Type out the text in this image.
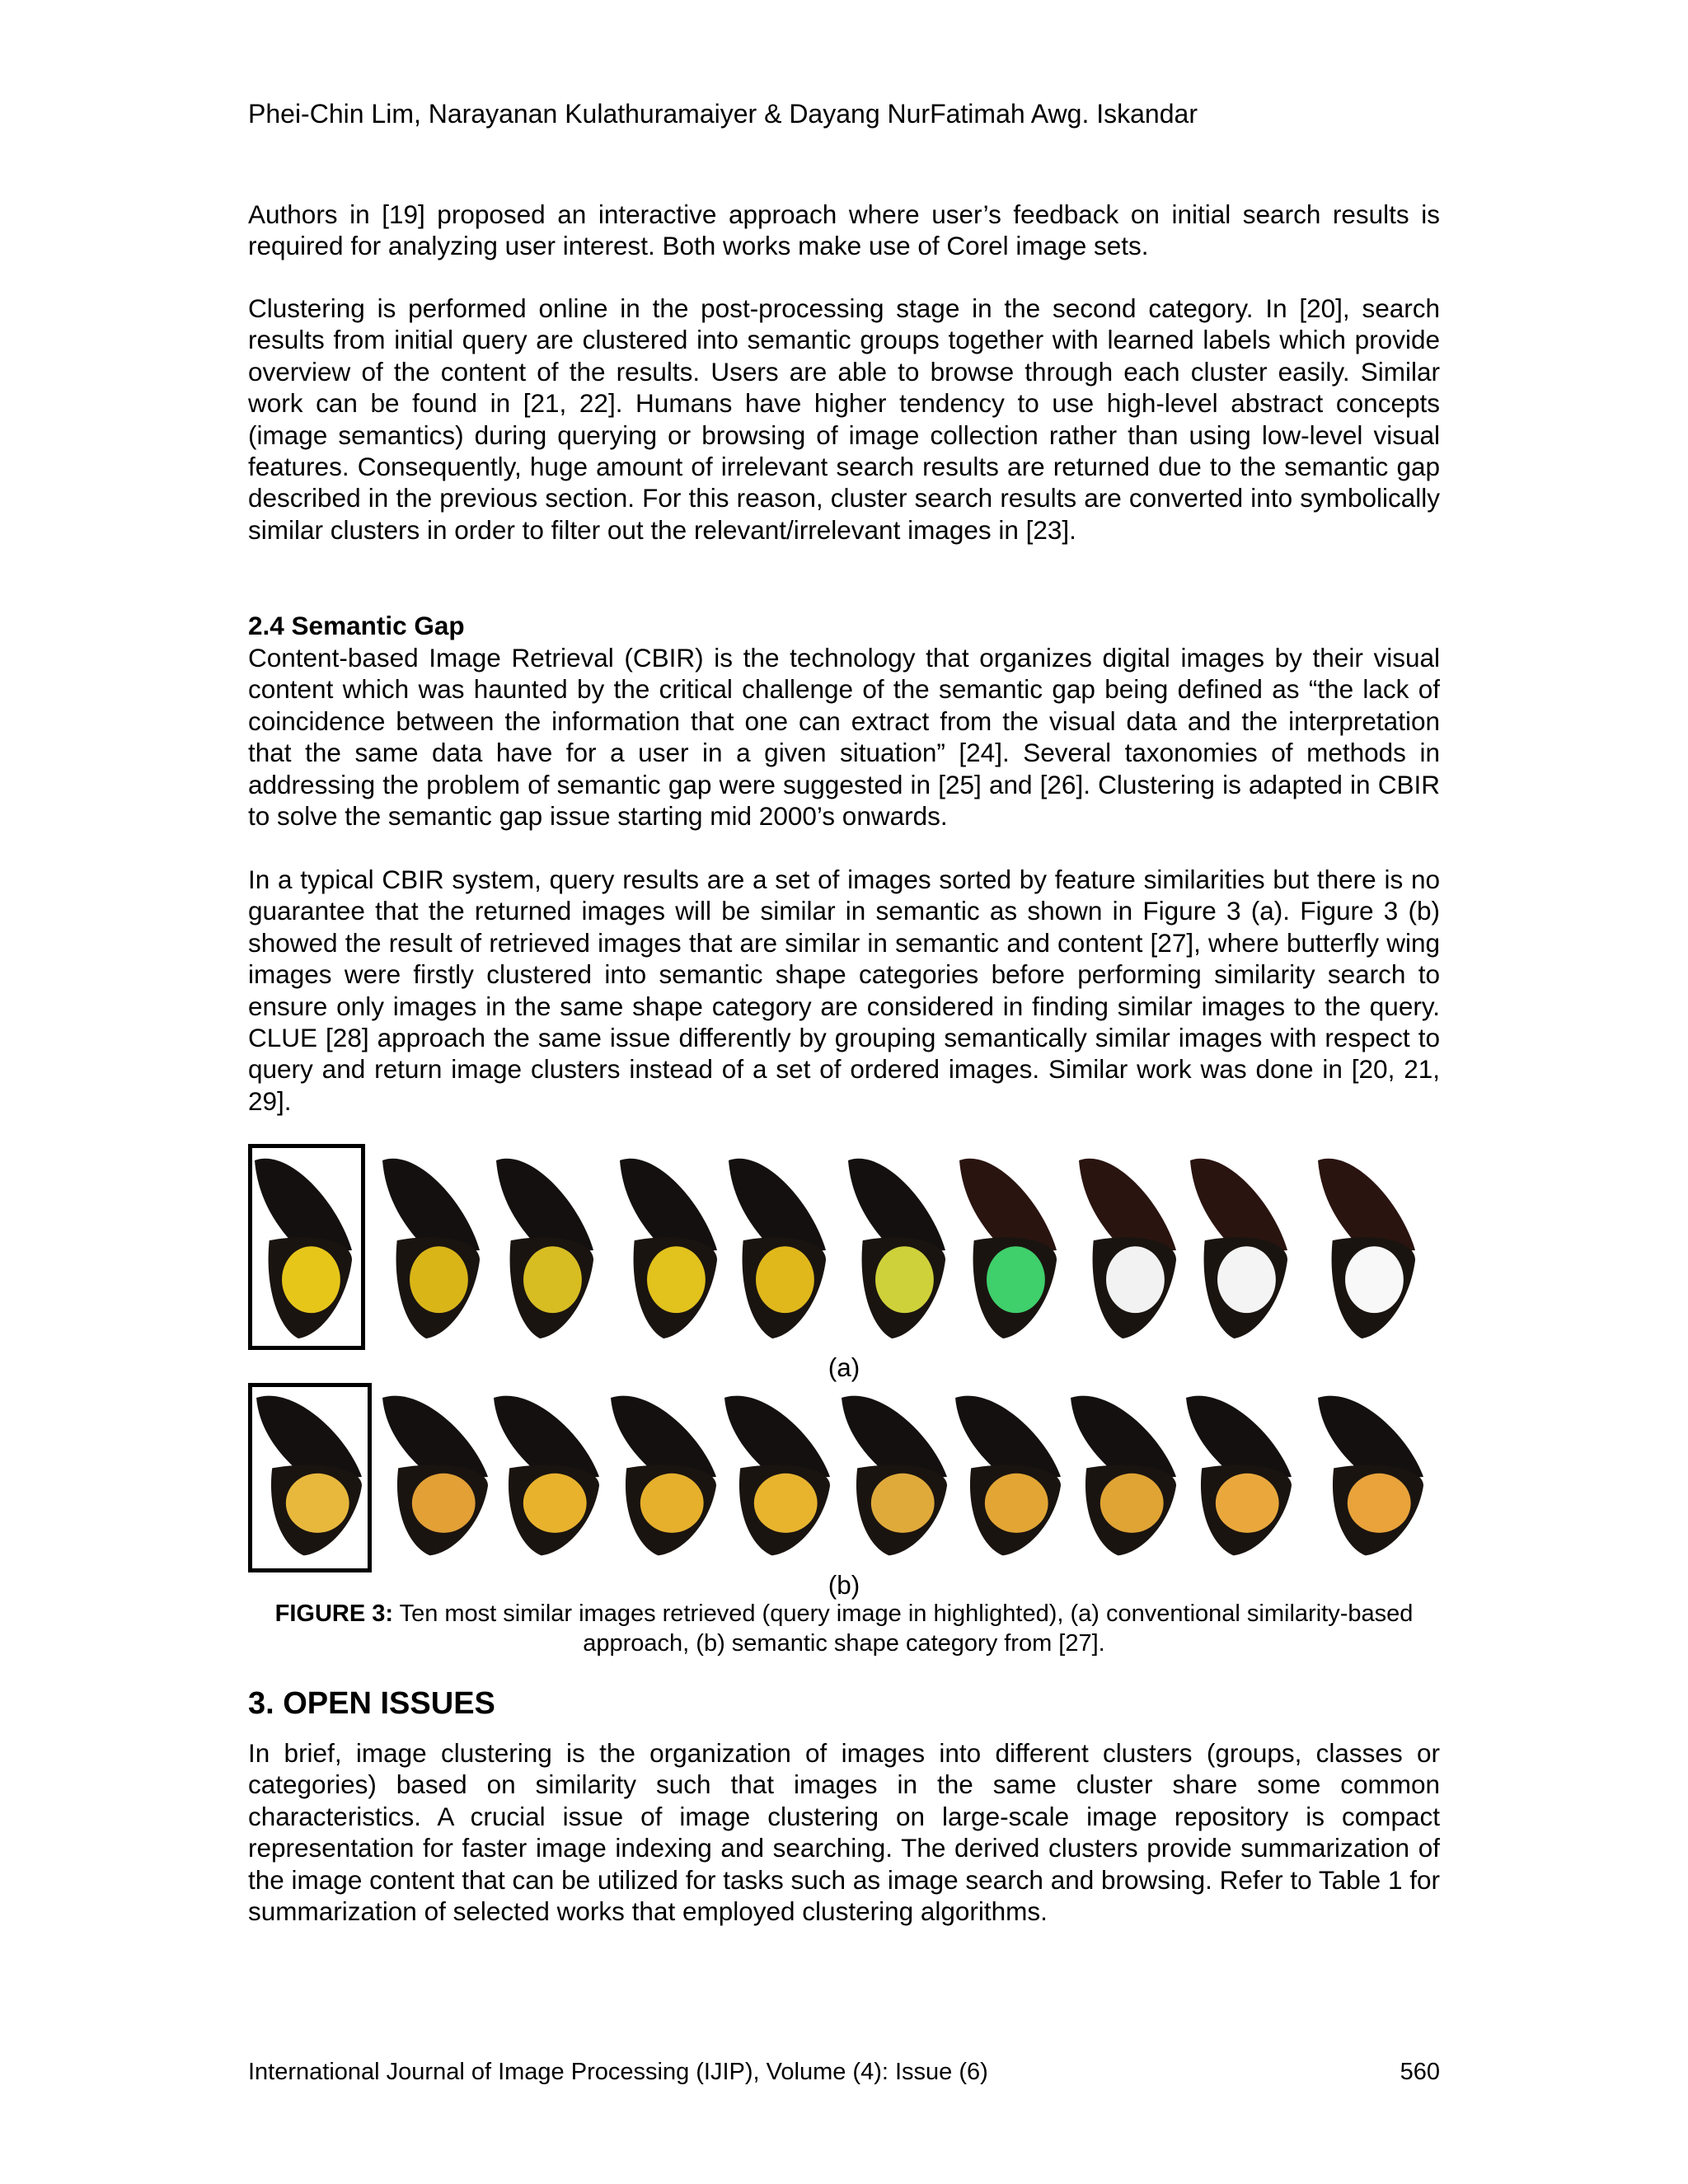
Phei-Chin Lim, Narayanan Kulathuramaiyer & Dayang NurFatimah Awg. Iskandar

Authors in [19] proposed an interactive approach where user’s feedback on initial search results is required for analyzing user interest. Both works make use of Corel image sets.

Clustering is performed online in the post-processing stage in the second category. In [20], search results from initial query are clustered into semantic groups together with learned labels which provide overview of the content of the results. Users are able to browse through each cluster easily. Similar work can be found in [21, 22]. Humans have higher tendency to use high-level abstract concepts (image semantics) during querying or browsing of image collection rather than using low-level visual features. Consequently, huge amount of irrelevant search results are returned due to the semantic gap described in the previous section. For this reason, cluster search results are converted into symbolically similar clusters in order to filter out the relevant/irrelevant images in [23].

2.4 Semantic Gap

Content-based Image Retrieval (CBIR) is the technology that organizes digital images by their visual content which was haunted by the critical challenge of the semantic gap being defined as “the lack of coincidence between the information that one can extract from the visual data and the interpretation that the same data have for a user in a given situation” [24]. Several taxonomies of methods in addressing the problem of semantic gap were suggested in [25] and [26]. Clustering is adapted in CBIR to solve the semantic gap issue starting mid 2000’s onwards.

In a typical CBIR system, query results are a set of images sorted by feature similarities but there is no guarantee that the returned images will be similar in semantic as shown in Figure 3 (a). Figure 3 (b) showed the result of retrieved images that are similar in semantic and content [27], where butterfly wing images were firstly clustered into semantic shape categories before performing similarity search to ensure only images in the same shape category are considered in finding similar images to the query. CLUE [28] approach the same issue differently by grouping semantically similar images with respect to query and return image clusters instead of a set of ordered images. Similar work was done in [20, 21, 29].

(a)
(b)
FIGURE 3: Ten most similar images retrieved (query image in highlighted), (a) conventional similarity-based approach, (b) semantic shape category from [27].
3. OPEN ISSUES

In brief, image clustering is the organization of images into different clusters (groups, classes or categories) based on similarity such that images in the same cluster share some common characteristics. A crucial issue of image clustering on large-scale image repository is compact representation for faster image indexing and searching. The derived clusters provide summarization of the image content that can be utilized for tasks such as image search and browsing. Refer to Table 1 for summarization of selected works that employed clustering algorithms.

International Journal of Image Processing (IJIP), Volume (4): Issue (6)	560
